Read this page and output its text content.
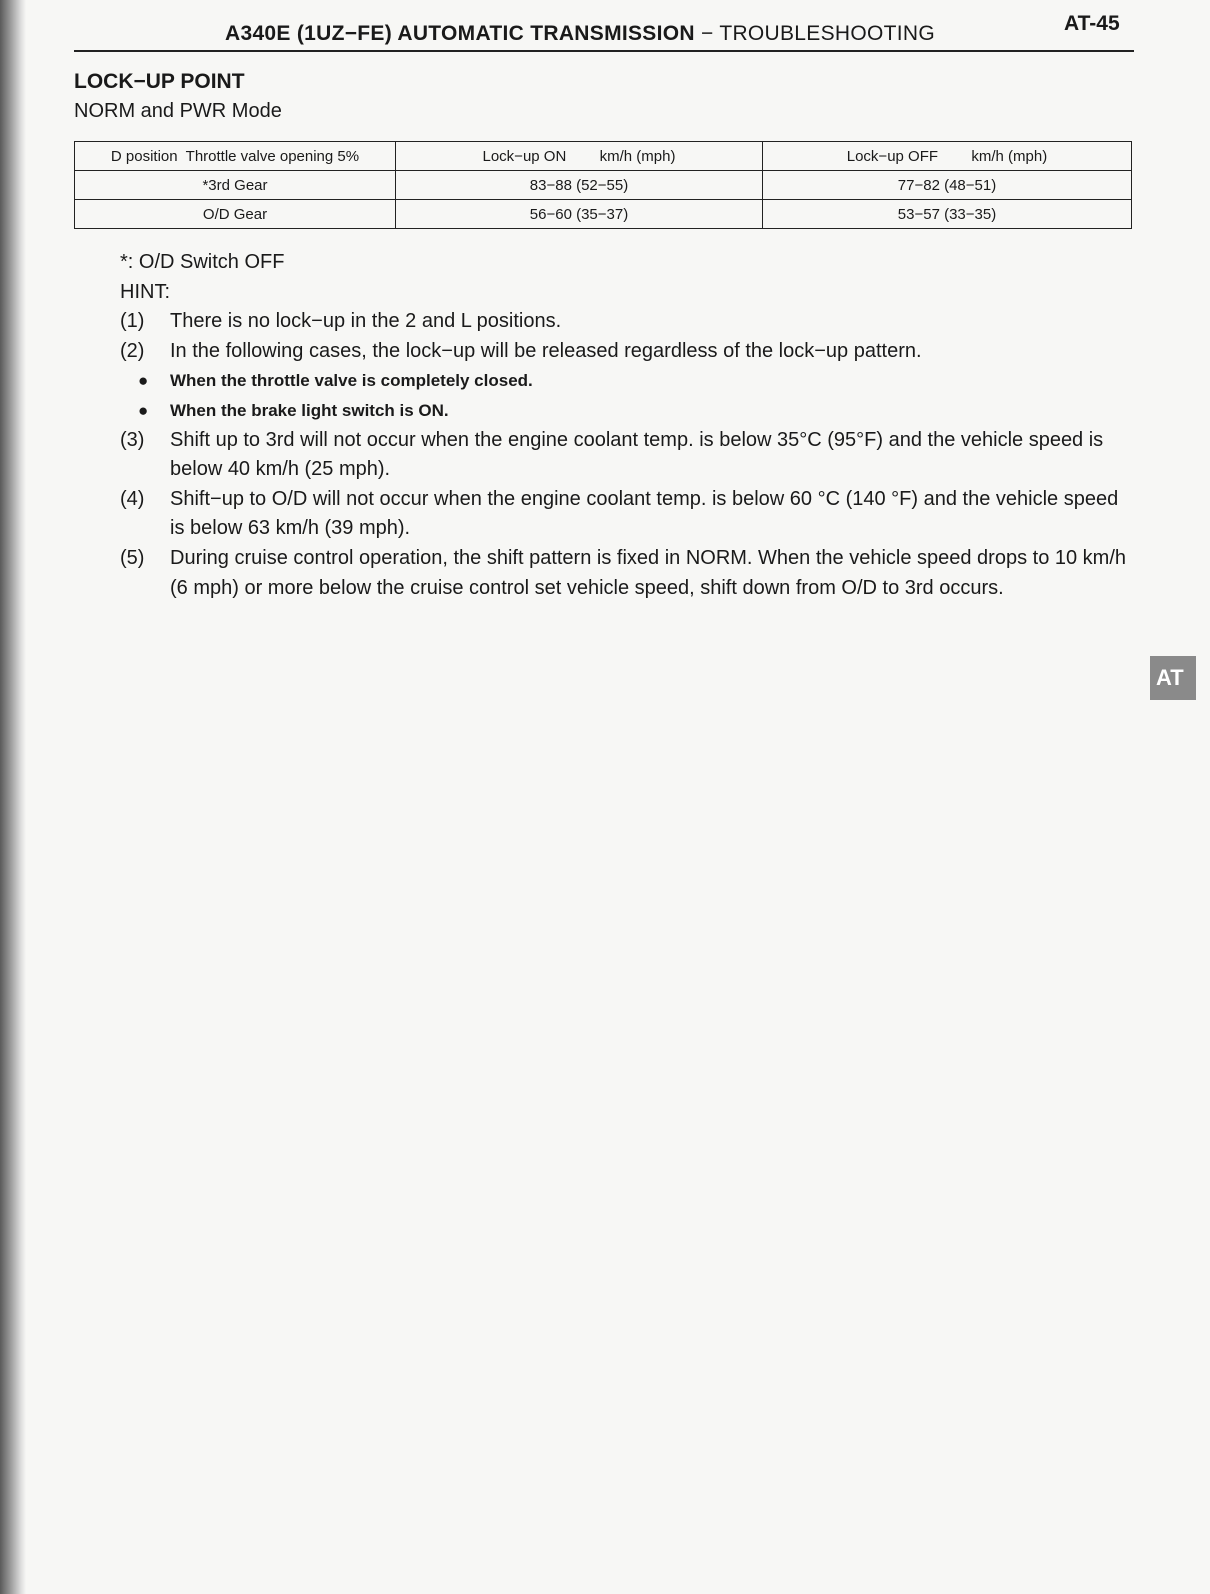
A340E (1UZ−FE) AUTOMATIC TRANSMISSION − TROUBLESHOOTING	AT-45
LOCK−UP POINT
NORM and PWR Mode
D position  Throttle valve opening 5%	Lock−up ON        km/h (mph)	Lock−up OFF        km/h (mph)
*3rd Gear	83−88 (52−55)	77−82 (48−51)
O/D Gear	56−60 (35−37)	53−57 (33−35)
*: O/D Switch OFF
HINT:
(1)	There is no lock−up in the 2 and L positions.
(2)	In the following cases, the lock−up will be released regardless of the lock−up pattern.
●	When the throttle valve is completely closed.
●	When the brake light switch is ON.
(3)	Shift up to 3rd will not occur when the engine coolant temp. is below 35°C (95°F) and the vehicle speed is below 40 km/h (25 mph).
(4)	Shift−up to O/D will not occur when the engine coolant temp. is below 60 °C (140 °F) and the vehicle speed is below 63 km/h (39 mph).
(5)	During cruise control operation, the shift pattern is fixed in NORM. When the vehicle speed drops to 10 km/h (6 mph) or more below the cruise control set vehicle speed, shift down from O/D to 3rd occurs.
AT
